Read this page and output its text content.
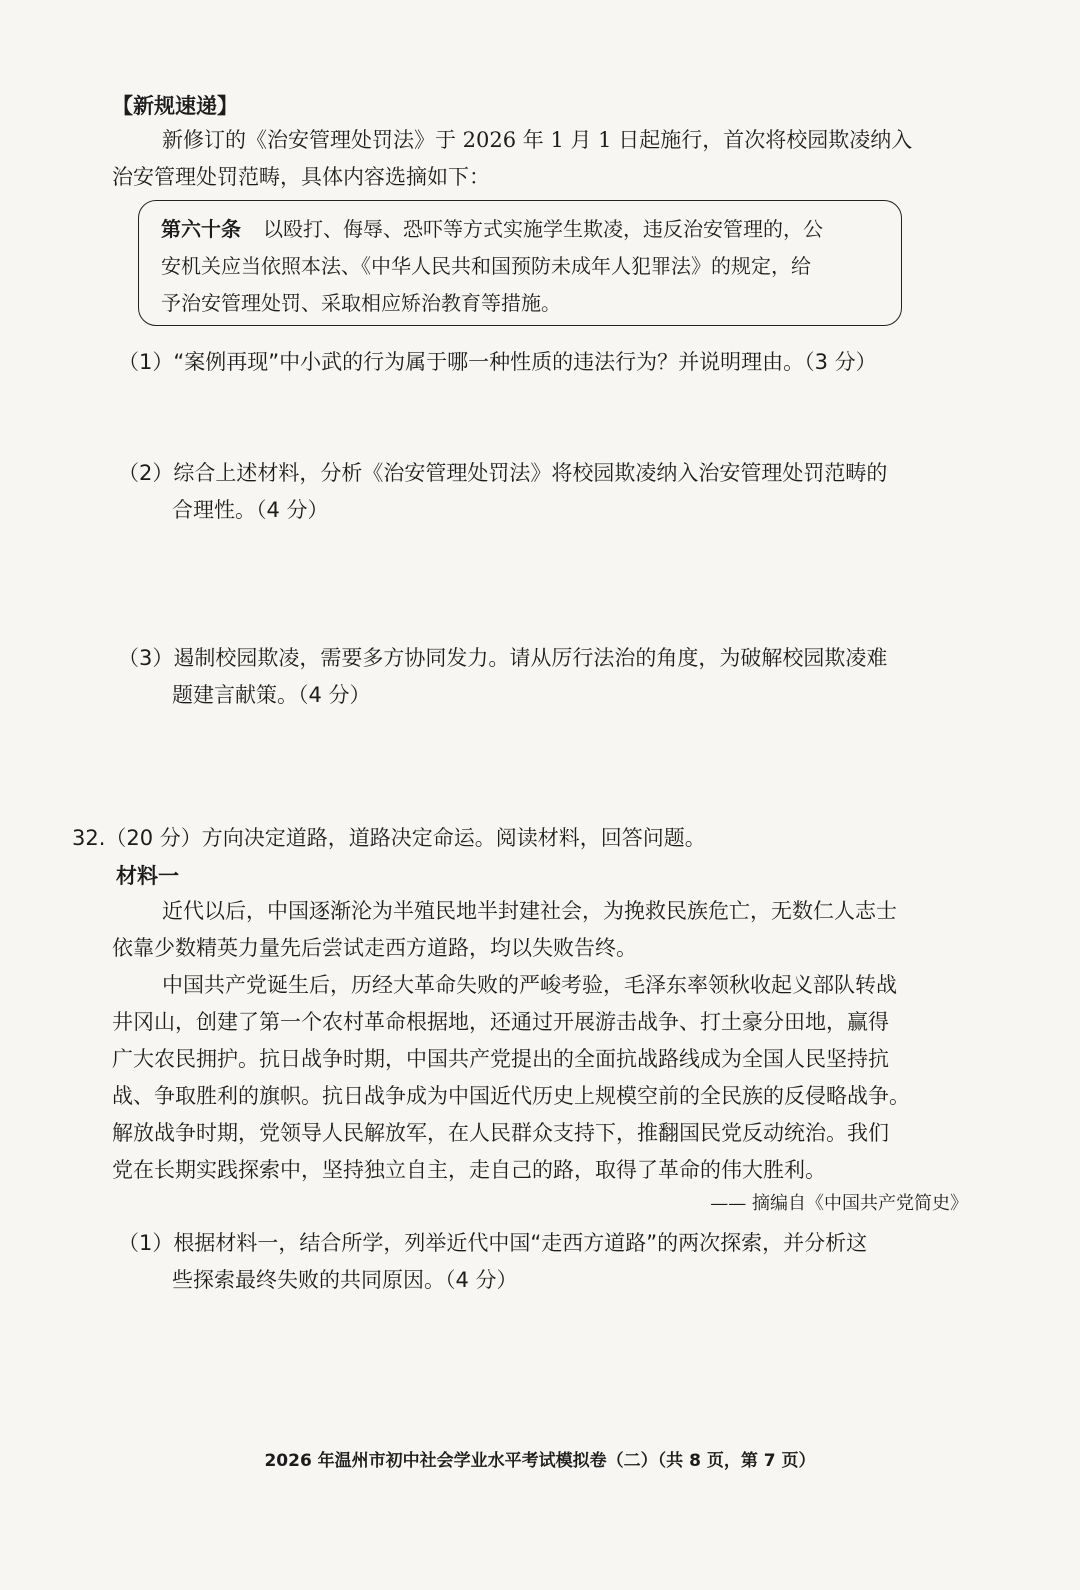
【新规速递】
新修订的《治安管理处罚法》于 2026 年 1 月 1 日起施行，首次将校园欺凌纳入
治安管理处罚范畴，具体内容选摘如下：
第六十条 以殴打、侮辱、恐吓等方式实施学生欺凌，违反治安管理的，公
安机关应当依照本法、《中华人民共和国预防未成年人犯罪法》的规定，给
予治安管理处罚、采取相应矫治教育等措施。
（1）“案例再现”中小武的行为属于哪一种性质的违法行为？并说明理由。（3 分）
（2）综合上述材料，分析《治安管理处罚法》将校园欺凌纳入治安管理处罚范畴的
合理性。（4 分）
（3）遏制校园欺凌，需要多方协同发力。请从厉行法治的角度，为破解校园欺凌难
题建言献策。（4 分）
32.（20 分）方向决定道路，道路决定命运。阅读材料，回答问题。
材料一
近代以后，中国逐渐沦为半殖民地半封建社会，为挽救民族危亡，无数仁人志士
依靠少数精英力量先后尝试走西方道路，均以失败告终。
中国共产党诞生后，历经大革命失败的严峻考验，毛泽东率领秋收起义部队转战
井冈山，创建了第一个农村革命根据地，还通过开展游击战争、打土豪分田地，赢得
广大农民拥护。抗日战争时期，中国共产党提出的全面抗战路线成为全国人民坚持抗
战、争取胜利的旗帜。抗日战争成为中国近代历史上规模空前的全民族的反侵略战争。
解放战争时期，党领导人民解放军，在人民群众支持下，推翻国民党反动统治。我们
党在长期实践探索中，坚持独立自主，走自己的路，取得了革命的伟大胜利。
—— 摘编自《中国共产党简史》
（1）根据材料一，结合所学，列举近代中国“走西方道路”的两次探索，并分析这
些探索最终失败的共同原因。（4 分）
2026 年温州市初中社会学业水平考试模拟卷（二）（共 8 页，第 7 页）
